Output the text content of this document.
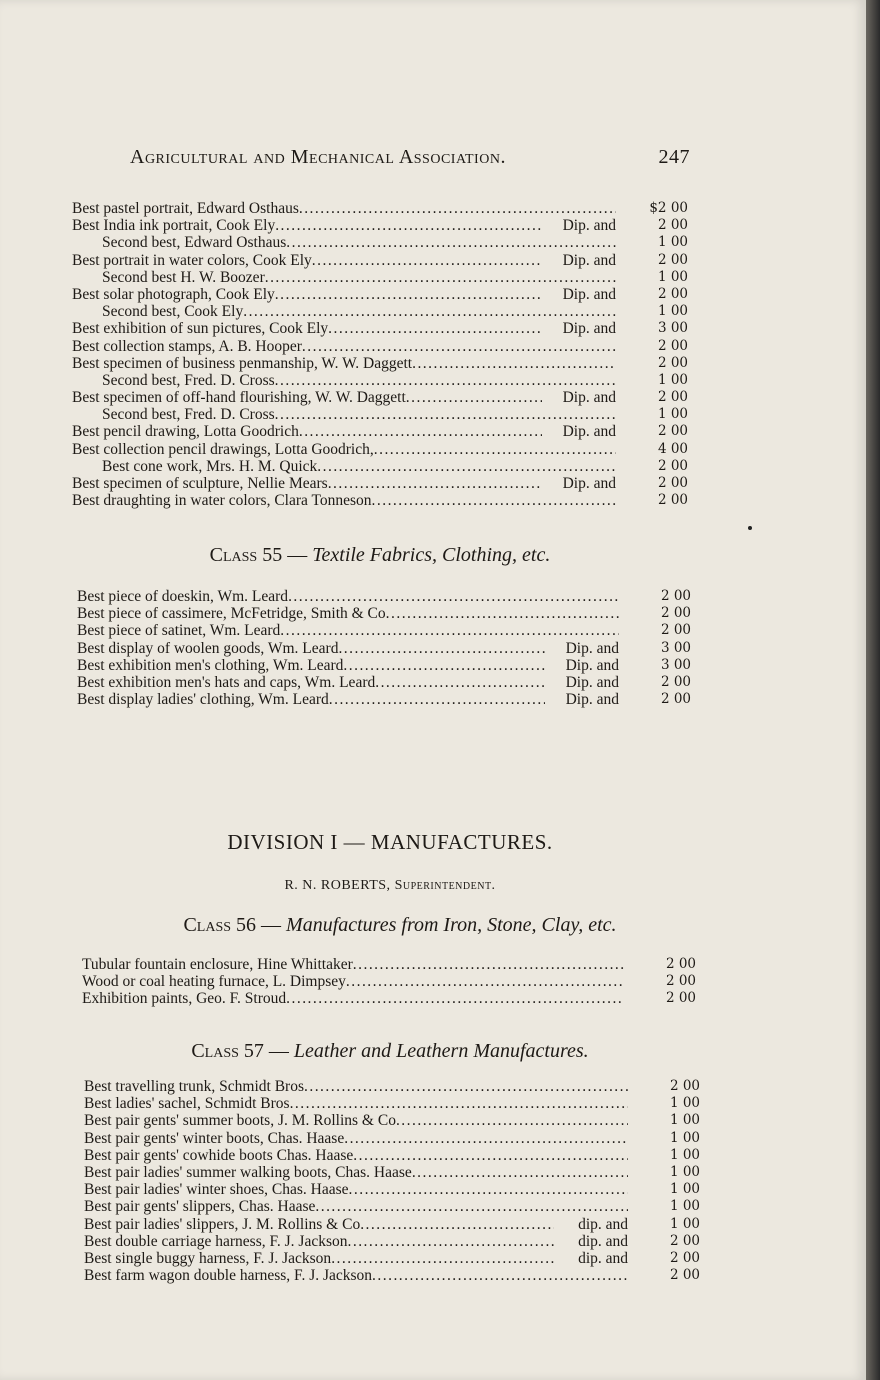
Agricultural and Mechanical Association.	247
Best pastel portrait, Edward Osthaus . . .	$2 00
Best India ink portrait, Cook Ely . . .	Dip. and	2 00
Second best, Edward Osthaus . . .	1 00
Best portrait in water colors, Cook Ely . . .	Dip. and	2 00
Second best H. W. Boozer . . .	1 00
Best solar photograph, Cook Ely . . .	Dip. and	2 00
Second best, Cook Ely . . .	1 00
Best exhibition of sun pictures, Cook Ely . . .	Dip. and	3 00
Best collection stamps, A. B. Hooper . . .	2 00
Best specimen of business penmanship, W. W. Daggett . . .	2 00
Second best, Fred. D. Cross . . .	1 00
Best specimen of off-hand flourishing, W. W. Daggett . . .	Dip. and	2 00
Second best, Fred. D. Cross . . .	1 00
Best pencil drawing, Lotta Goodrich . . .	Dip. and	2 00
Best collection pencil drawings, Lotta Goodrich, . . .	4 00
Best cone work, Mrs. H. M. Quick . . .	2 00
Best specimen of sculpture, Nellie Mears . . .	Dip. and	2 00
Best draughting in water colors, Clara Tonneson . . .	2 00
Class 55 — Textile Fabrics, Clothing, etc.
Best piece of doeskin, Wm. Leard . . .	2 00
Best piece of cassimere, McFetridge, Smith & Co . . .	2 00
Best piece of satinet, Wm. Leard . . .	2 00
Best display of woolen goods, Wm. Leard . . .	Dip. and	3 00
Best exhibition men's clothing, Wm. Leard . . .	Dip. and	3 00
Best exhibition men's hats and caps, Wm. Leard . . .	Dip. and	2 00
Best display ladies' clothing, Wm. Leard . . .	Dip. and	2 00
DIVISION I — MANUFACTURES.
R. N. ROBERTS, Superintendent.
Class 56 — Manufactures from Iron, Stone, Clay, etc.
Tubular fountain enclosure, Hine Whittaker . . .	2 00
Wood or coal heating furnace, L. Dimpsey . . .	2 00
Exhibition paints, Geo. F. Stroud . . .	2 00
Class 57 — Leather and Leathern Manufactures.
Best travelling trunk, Schmidt Bros . . .	2 00
Best ladies' sachel, Schmidt Bros . . .	1 00
Best pair gents' summer boots, J. M. Rollins & Co . . .	1 00
Best pair gents' winter boots, Chas. Haase . . .	1 00
Best pair gents' cowhide boots Chas. Haase . . .	1 00
Best pair ladies' summer walking boots, Chas. Haase . . .	1 00
Best pair ladies' winter shoes, Chas. Haase . . .	1 00
Best pair gents' slippers, Chas. Haase . . .	1 00
Best pair ladies' slippers, J. M. Rollins & Co . . .	dip. and	1 00
Best double carriage harness, F. J. Jackson . . .	dip. and	2 00
Best single buggy harness, F. J. Jackson . . .	dip. and	2 00
Best farm wagon double harness, F. J. Jackson . . .	2 00
